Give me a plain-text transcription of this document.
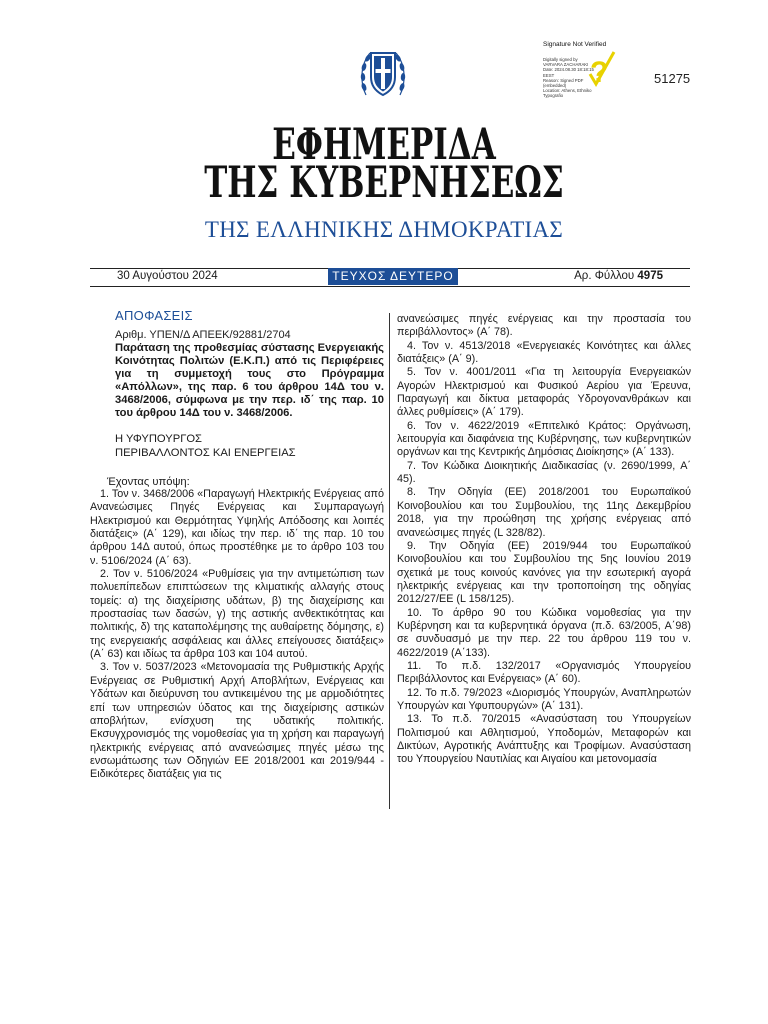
?
Signature Not Verified
Digitally signed by
VARVARA ZACHARAKI
Date: 2024.08.30 18:18:15
EEST
Reason: Signed PDF
(embedded)
Location: Athens, Ethniko
Typografio
51275
ΕΦΗΜΕΡΙΔΑ
ΤΗΣ ΚΥΒΕΡΝΗΣΕΩΣ
ΤΗΣ ΕΛΛΗΝΙΚΗΣ ΔΗΜΟΚΡΑΤΙΑΣ
30 Αυγούστου 2024	ΤΕΥΧΟΣ ΔΕΥΤΕΡΟ	Αρ. Φύλλου 4975
ΑΠΟΦΑΣΕΙΣ
Αριθμ. ΥΠΕΝ/Δ ΑΠΕΕΚ/92881/2704
Παράταση της προθεσμίας σύστασης Ενεργειακής Κοινότητας Πολιτών (Ε.Κ.Π.) από τις Περιφέρειες για τη συμμετοχή τους στο Πρόγραμμα «Απόλλων», της παρ. 6 του άρθρου 14Δ του ν. 3468/2006, σύμφωνα με την περ. ιδ΄ της παρ. 10 του άρθρου 14Δ του ν. 3468/2006.
Η ΥΦΥΠΟΥΡΓΟΣ
ΠΕΡΙΒΑΛΛΟΝΤΟΣ ΚΑΙ ΕΝΕΡΓΕΙΑΣ
Έχοντας υπόψη:

1. Τον ν. 3468/2006 «Παραγωγή Ηλεκτρικής Ενέργειας από Ανανεώσιμες Πηγές Ενέργειας και Συμπαραγωγή Ηλεκτρισμού και Θερμότητας Υψηλής Απόδοσης και λοιπές διατάξεις» (Α΄ 129), και ιδίως την περ. ιδ΄ της παρ. 10 του άρθρου 14Δ αυτού, όπως προστέθηκε με το άρθρο 103 του ν. 5106/2024 (Α΄ 63).

2. Τον ν. 5106/2024 «Ρυθμίσεις για την αντιμετώπιση των πολυεπίπεδων επιπτώσεων της κλιματικής αλλαγής στους τομείς: α) της διαχείρισης υδάτων, β) της διαχείρισης και προστασίας των δασών, γ) της αστικής ανθεκτικότητας και πολιτικής, δ) της καταπολέμησης της αυθαίρετης δόμησης, ε) της ενεργειακής ασφάλειας και άλλες επείγουσες διατάξεις» (Α΄ 63) και ιδίως τα άρθρα 103 και 104 αυτού.

3. Τον ν. 5037/2023 «Μετονομασία της Ρυθμιστικής Αρχής Ενέργειας σε Ρυθμιστική Αρχή Αποβλήτων, Ενέργειας και Υδάτων και διεύρυνση του αντικειμένου της με αρμοδιότητες επί των υπηρεσιών ύδατος και της διαχείρισης αστικών αποβλήτων, ενίσχυση της υδατικής πολιτικής. Εκσυγχρονισμός της νομοθεσίας για τη χρήση και παραγωγή ηλεκτρικής ενέργειας από ανανεώσιμες πηγές μέσω της ενσωμάτωσης των Οδηγιών ΕΕ 2018/2001 και 2019/944 - Ειδικότερες διατάξεις για τις

ανανεώσιμες πηγές ενέργειας και την προστασία του περιβάλλοντος» (Α΄ 78).

4. Τον ν. 4513/2018 «Ενεργειακές Κοινότητες και άλλες διατάξεις» (Α΄ 9).

5. Τον ν. 4001/2011 «Για τη λειτουργία Ενεργειακών Αγορών Ηλεκτρισμού και Φυσικού Αερίου για Έρευνα, Παραγωγή και δίκτυα μεταφοράς Υδρογονανθράκων και άλλες ρυθμίσεις» (Α΄ 179).

6. Τον ν. 4622/2019 «Επιτελικό Κράτος: Οργάνωση, λειτουργία και διαφάνεια της Κυβέρνησης, των κυβερνητικών οργάνων και της Κεντρικής Δημόσιας Διοίκησης» (Α΄ 133).

7. Τον Κώδικα Διοικητικής Διαδικασίας (ν. 2690/1999, Α΄ 45).

8. Την Οδηγία (ΕΕ) 2018/2001 του Ευρωπαϊκού Κοινοβουλίου και του Συμβουλίου, της 11ης Δεκεμβρίου 2018, για την προώθηση της χρήσης ενέργειας από ανανεώσιμες πηγές (L 328/82).

9. Την Οδηγία (ΕΕ) 2019/944 του Ευρωπαϊκού Κοινοβουλίου και του Συμβουλίου της 5ης Ιουνίου 2019 σχετικά με τους κοινούς κανόνες για την εσωτερική αγορά ηλεκτρικής ενέργειας και την τροποποίηση της οδηγίας 2012/27/ΕΕ (L 158/125).

10. Το άρθρο 90 του Κώδικα νομοθεσίας για την Κυβέρνηση και τα κυβερνητικά όργανα (π.δ. 63/2005, Α΄98) σε συνδυασμό με την περ. 22 του άρθρου 119 του ν. 4622/2019 (Α΄133).

11. Το π.δ. 132/2017 «Οργανισμός Υπουργείου Περιβάλλοντος και Ενέργειας» (Α΄ 60).

12. Το π.δ. 79/2023 «Διορισμός Υπουργών, Αναπληρωτών Υπουργών και Υφυπουργών» (Α΄ 131).

13. Το π.δ. 70/2015 «Ανασύσταση του Υπουργείων Πολιτισμού και Αθλητισμού, Υποδομών, Μεταφορών και Δικτύων, Αγροτικής Ανάπτυξης και Τροφίμων. Ανασύσταση του Υπουργείου Ναυτιλίας και Αιγαίου και μετονομασία
